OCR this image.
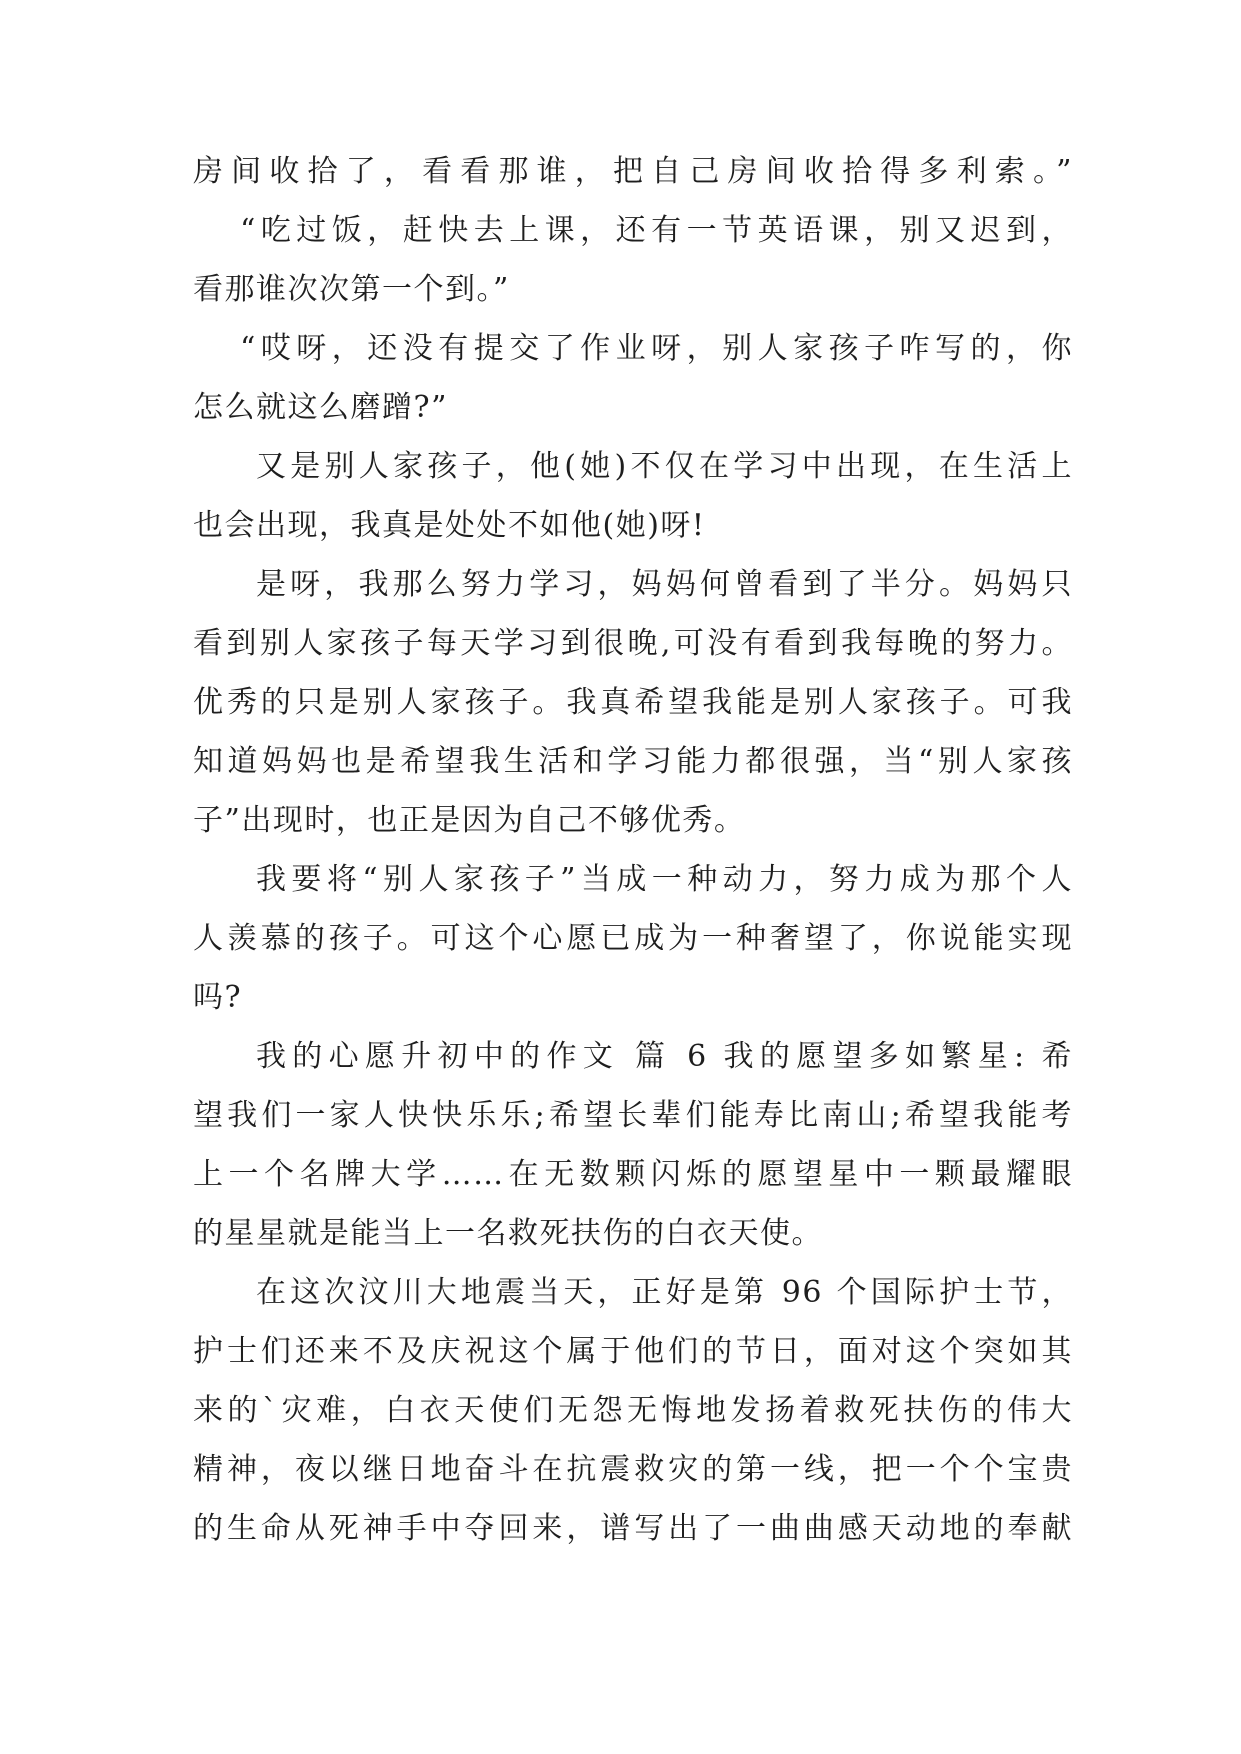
房间收拾了，看看那谁，把自己房间收拾得多利索。”
“吃过饭，赶快去上课，还有一节英语课，别又迟到，
看那谁次次第一个到。”
“哎呀，还没有提交了作业呀，别人家孩子咋写的，你
怎么就这么磨蹭?”
又是别人家孩子，他(她)不仅在学习中出现，在生活上
也会出现，我真是处处不如他(她)呀!
是呀，我那么努力学习，妈妈何曾看到了半分。妈妈只
看到别人家孩子每天学习到很晚,可没有看到我每晚的努力。
优秀的只是别人家孩子。我真希望我能是别人家孩子。可我
知道妈妈也是希望我生活和学习能力都很强，当“别人家孩
子”出现时，也正是因为自己不够优秀。
我要将“别人家孩子”当成一种动力，努力成为那个人
人羡慕的孩子。可这个心愿已成为一种奢望了，你说能实现
吗?
我的心愿升初中的作文 篇 6 我的愿望多如繁星: 希
望我们一家人快快乐乐;希望长辈们能寿比南山;希望我能考
上一个名牌大学……在无数颗闪烁的愿望星中一颗最耀眼
的星星就是能当上一名救死扶伤的白衣天使。
在这次汶川大地震当天，正好是第 96 个国际护士节，
护士们还来不及庆祝这个属于他们的节日，面对这个突如其
来的`灾难，白衣天使们无怨无悔地发扬着救死扶伤的伟大
精神，夜以继日地奋斗在抗震救灾的第一线，把一个个宝贵
的生命从死神手中夺回来，谱写出了一曲曲感天动地的奉献
